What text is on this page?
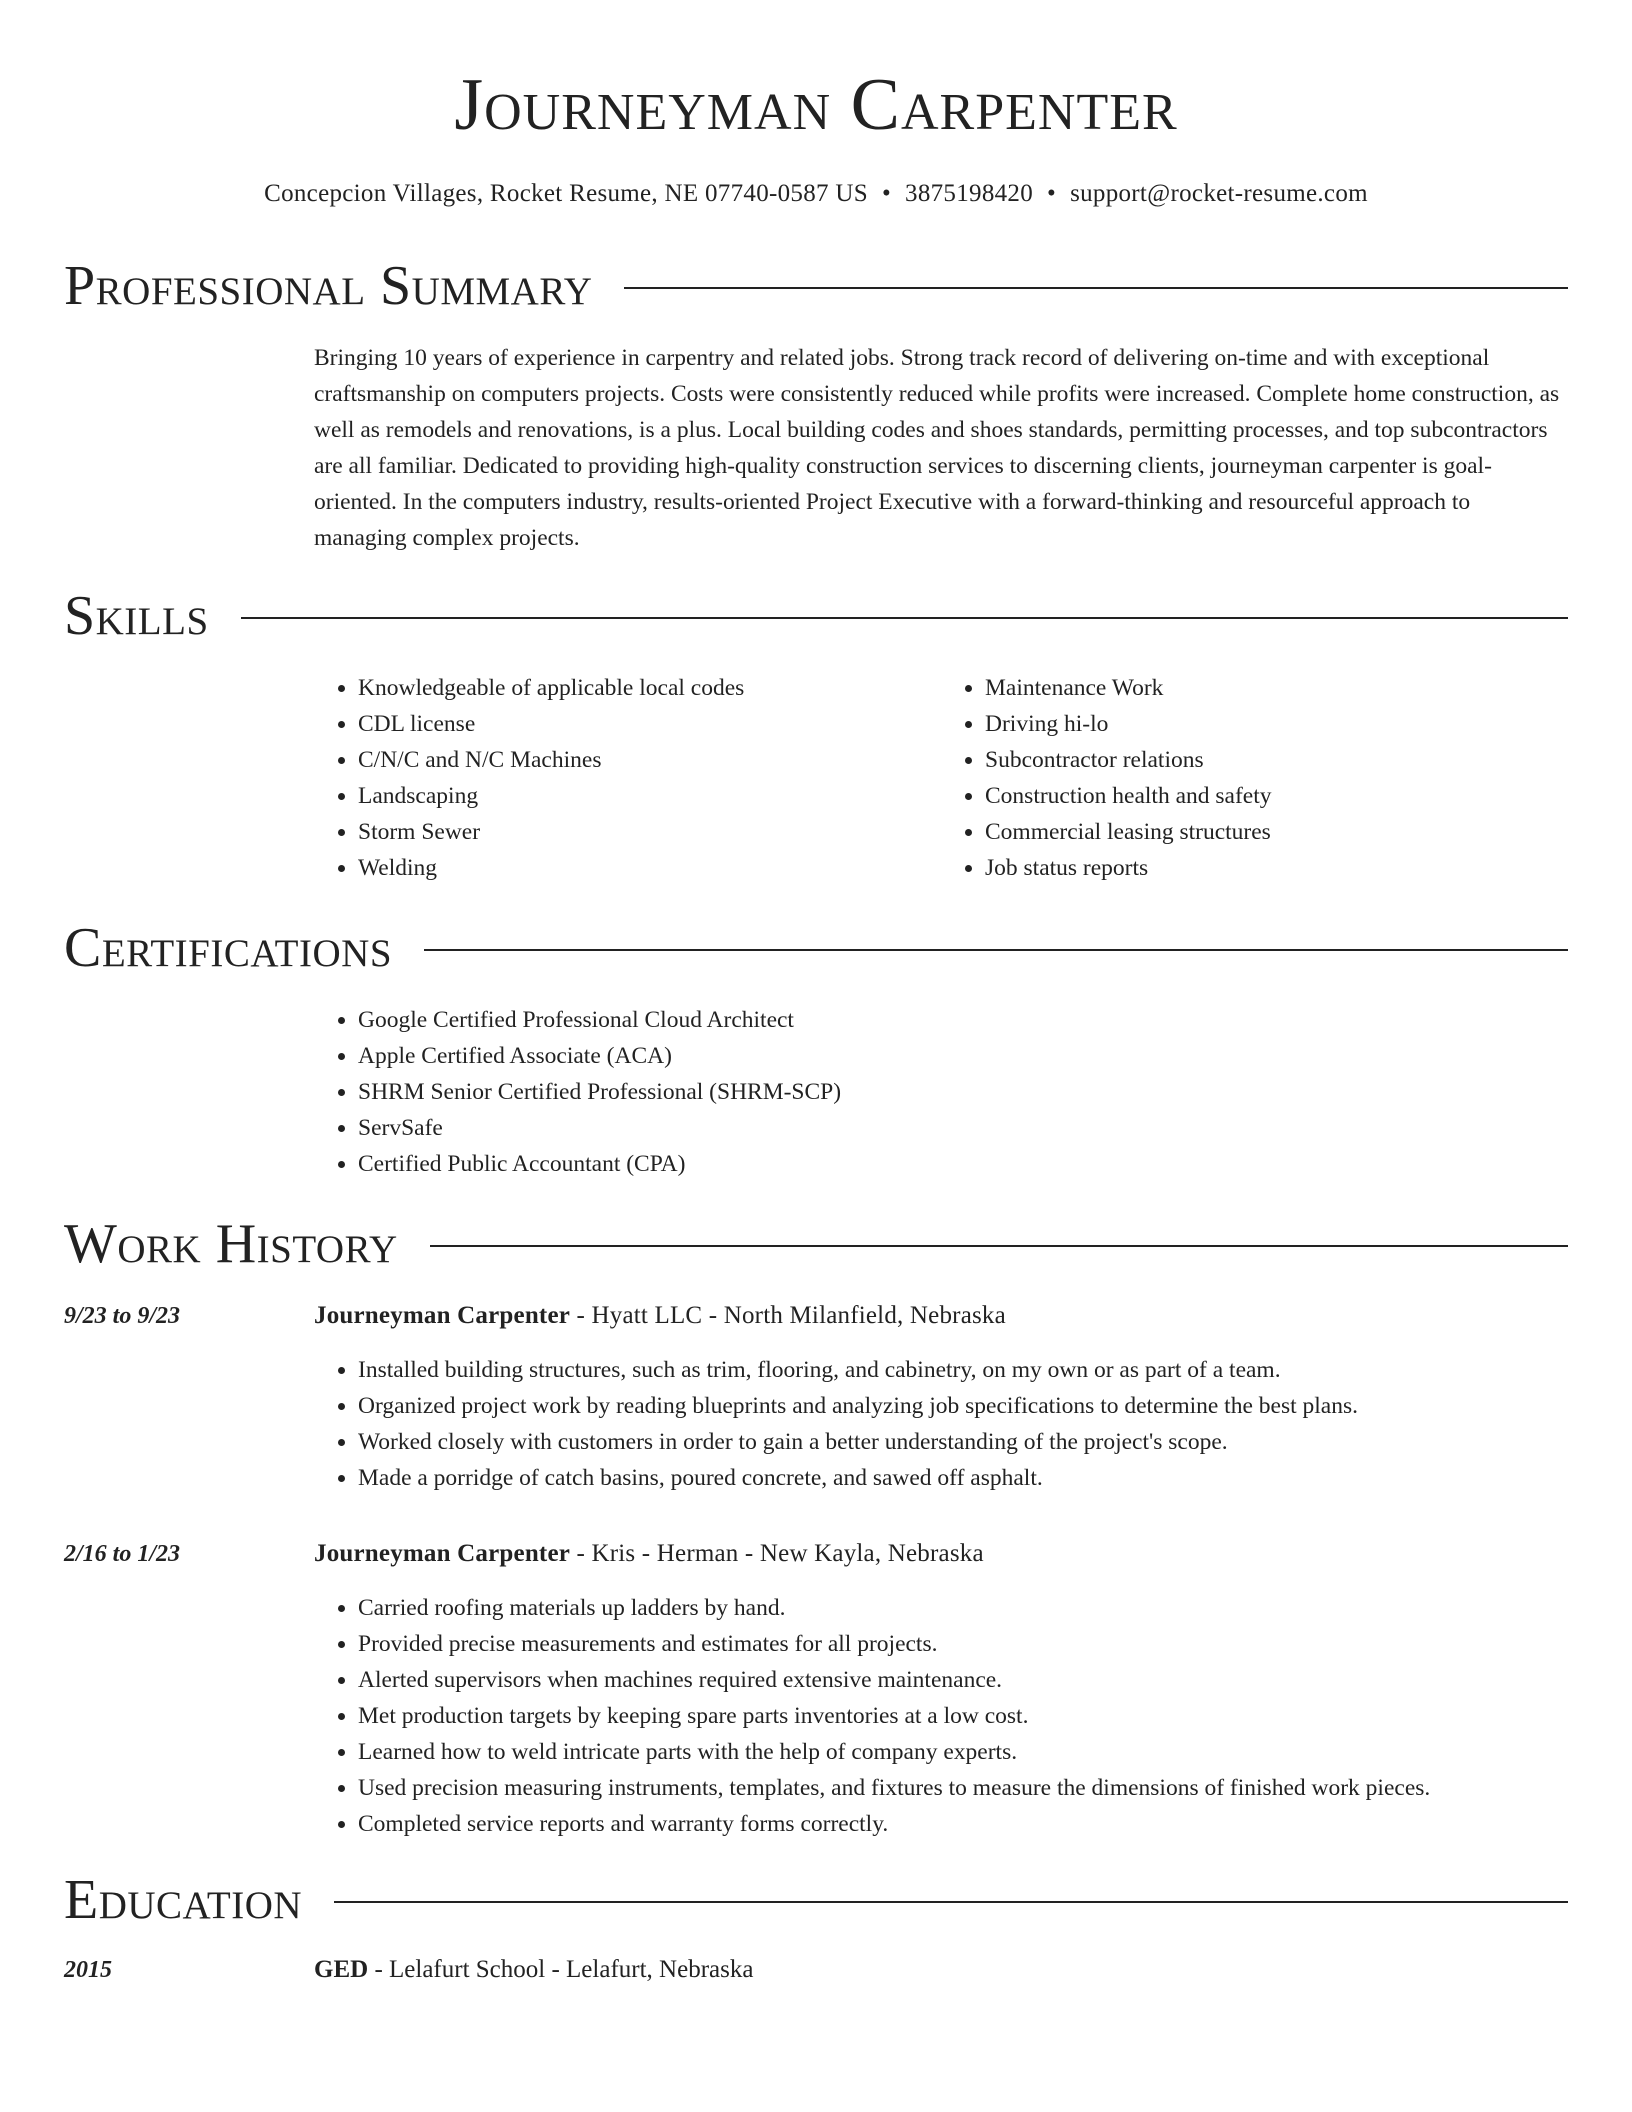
Journeyman Carpenter
Concepcion Villages, Rocket Resume, NE 07740-0587 US • 3875198420 • support@rocket-resume.com
Professional Summary
Bringing 10 years of experience in carpentry and related jobs. Strong track record of delivering on-time and with exceptional craftsmanship on computers projects. Costs were consistently reduced while profits were increased. Complete home construction, as well as remodels and renovations, is a plus. Local building codes and shoes standards, permitting processes, and top subcontractors are all familiar. Dedicated to providing high-quality construction services to discerning clients, journeyman carpenter is goal-oriented. In the computers industry, results-oriented Project Executive with a forward-thinking and resourceful approach to managing complex projects.
Skills
• Knowledgeable of applicable local codes
• CDL license
• C/N/C and N/C Machines
• Landscaping
• Storm Sewer
• Welding
• Maintenance Work
• Driving hi-lo
• Subcontractor relations
• Construction health and safety
• Commercial leasing structures
• Job status reports
Certifications
• Google Certified Professional Cloud Architect
• Apple Certified Associate (ACA)
• SHRM Senior Certified Professional (SHRM-SCP)
• ServSafe
• Certified Public Accountant (CPA)
Work History
9/23 to 9/23	Journeyman Carpenter - Hyatt LLC - North Milanfield, Nebraska
• Installed building structures, such as trim, flooring, and cabinetry, on my own or as part of a team.
• Organized project work by reading blueprints and analyzing job specifications to determine the best plans.
• Worked closely with customers in order to gain a better understanding of the project's scope.
• Made a porridge of catch basins, poured concrete, and sawed off asphalt.
2/16 to 1/23	Journeyman Carpenter - Kris - Herman - New Kayla, Nebraska
• Carried roofing materials up ladders by hand.
• Provided precise measurements and estimates for all projects.
• Alerted supervisors when machines required extensive maintenance.
• Met production targets by keeping spare parts inventories at a low cost.
• Learned how to weld intricate parts with the help of company experts.
• Used precision measuring instruments, templates, and fixtures to measure the dimensions of finished work pieces.
• Completed service reports and warranty forms correctly.
Education
2015	GED - Lelafurt School - Lelafurt, Nebraska
